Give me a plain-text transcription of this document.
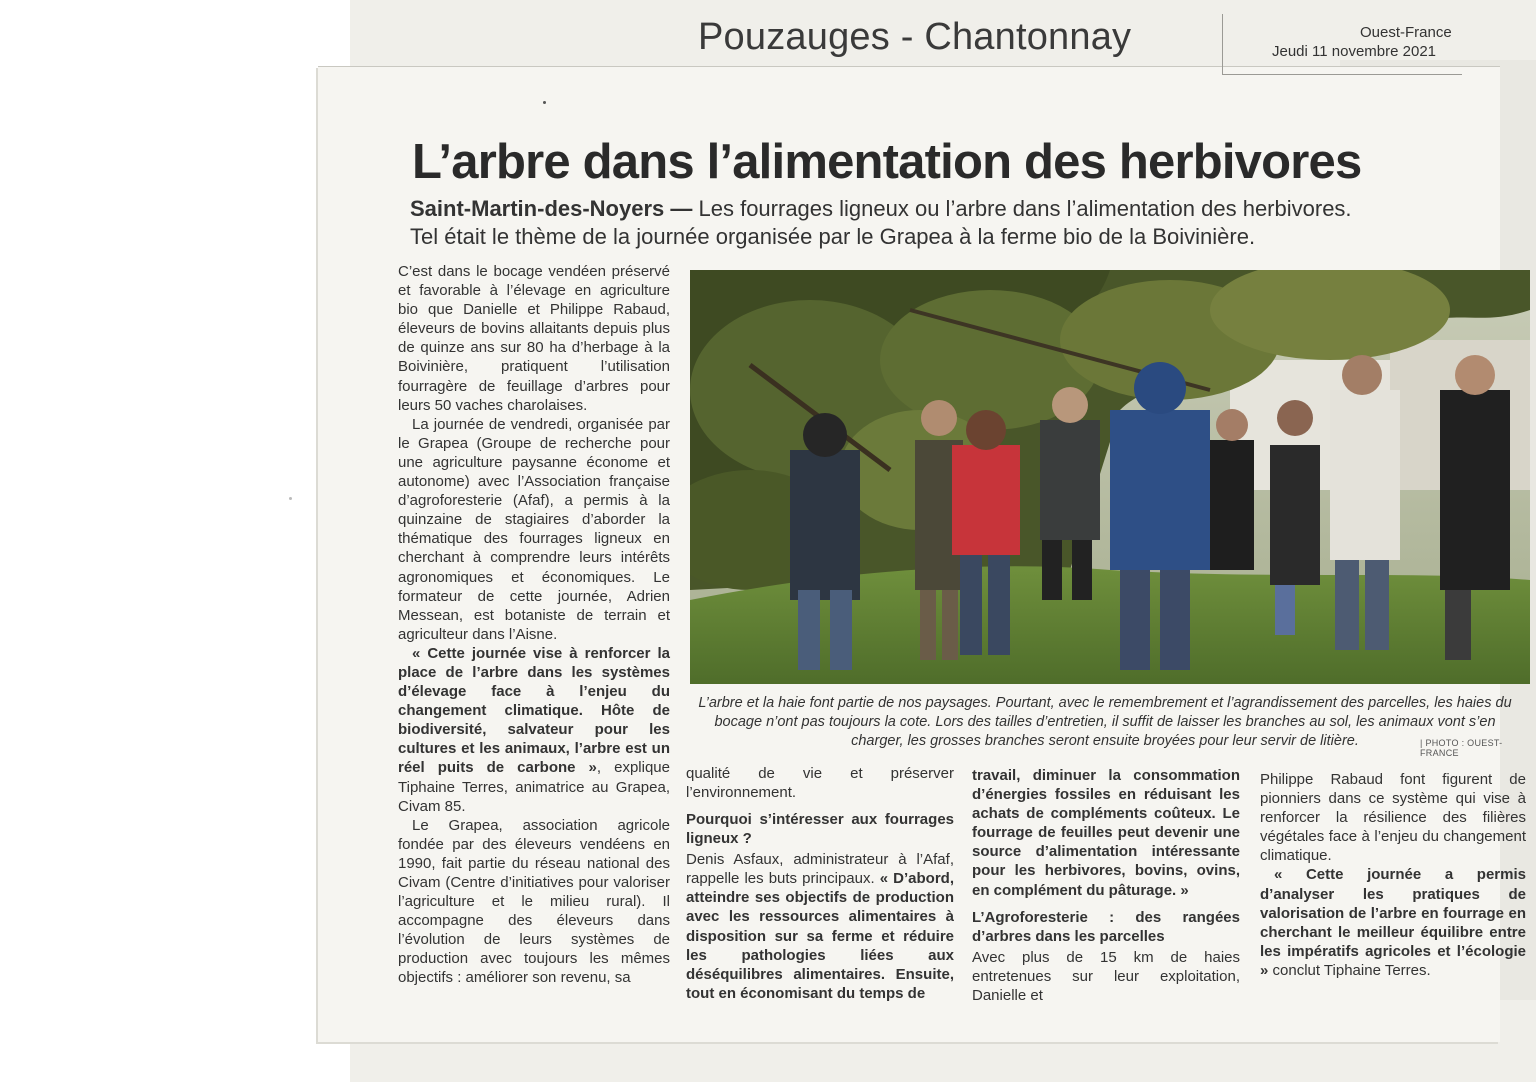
Pouzauges - Chantonnay	Ouest-France
Jeudi 11 novembre 2021
L’arbre dans l’alimentation des herbivores
Saint-Martin-des-Noyers — Les fourrages ligneux ou l’arbre dans l’alimentation des herbivores. Tel était le thème de la journée organisée par le Grapea à la ferme bio de la Boivinière.

C’est dans le bocage vendéen préservé et favorable à l’élevage en agriculture bio que Danielle et Philippe Rabaud, éleveurs de bovins allaitants depuis plus de quinze ans sur 80 ha d’herbage à la Boivinière, pratiquent l’utilisation fourragère de feuillage d’arbres pour leurs 50 vaches charolaises.

La journée de vendredi, organisée par le Grapea (Groupe de recherche pour une agriculture paysanne économe et autonome) avec l’Association française d’agroforesterie (Afaf), a permis à la quinzaine de stagiaires d’aborder la thématique des fourrages ligneux en cherchant à comprendre leurs intérêts agronomiques et économiques. Le formateur de cette journée, Adrien Messean, est botaniste de terrain et agriculteur dans l’Aisne.

« Cette journée vise à renforcer la place de l’arbre dans les systèmes d’élevage face à l’enjeu du changement climatique. Hôte de biodiversité, salvateur pour les cultures et les animaux, l’arbre est un réel puits de carbone », explique Tiphaine Terres, animatrice au Grapea, Civam 85.

Le Grapea, association agricole fondée par des éleveurs vendéens en 1990, fait partie du réseau national des Civam (Centre d’initiatives pour valoriser l’agriculture et le milieu rural). Il accompagne des éleveurs dans l’évolution de leurs systèmes de production avec toujours les mêmes objectifs : améliorer son revenu, sa

L’arbre et la haie font partie de nos paysages. Pourtant, avec le remembrement et l’agrandissement des parcelles, les haies du bocage n’ont pas toujours la cote. Lors des tailles d’entretien, il suffit de laisser les branches au sol, les animaux vont s’en charger, les grosses branches seront ensuite broyées pour leur servir de litière.	| PHOTO : OUEST-FRANCE

qualité de vie et préserver l’environnement.

Pourquoi s’intéresser aux fourrages ligneux ?

Denis Asfaux, administrateur à l’Afaf, rappelle les buts principaux. « D’abord, atteindre ses objectifs de production avec les ressources alimentaires à disposition sur sa ferme et réduire les pathologies liées aux déséquilibres alimentaires. Ensuite, tout en économisant du temps de

travail, diminuer la consommation d’énergies fossiles en réduisant les achats de compléments coûteux. Le fourrage de feuilles peut devenir une source d’alimentation intéressante pour les herbivores, bovins, ovins, en complément du pâturage. »

L’Agroforesterie : des rangées d’arbres dans les parcelles

Avec plus de 15 km de haies entretenues sur leur exploitation, Danielle et

Philippe Rabaud font figurent de pionniers dans ce système qui vise à renforcer la résilience des filières végétales face à l’enjeu du changement climatique.

« Cette journée a permis d’analyser les pratiques de valorisation de l’arbre en fourrage en cherchant le meilleur équilibre entre les impératifs agricoles et l’écologie » conclut Tiphaine Terres.
